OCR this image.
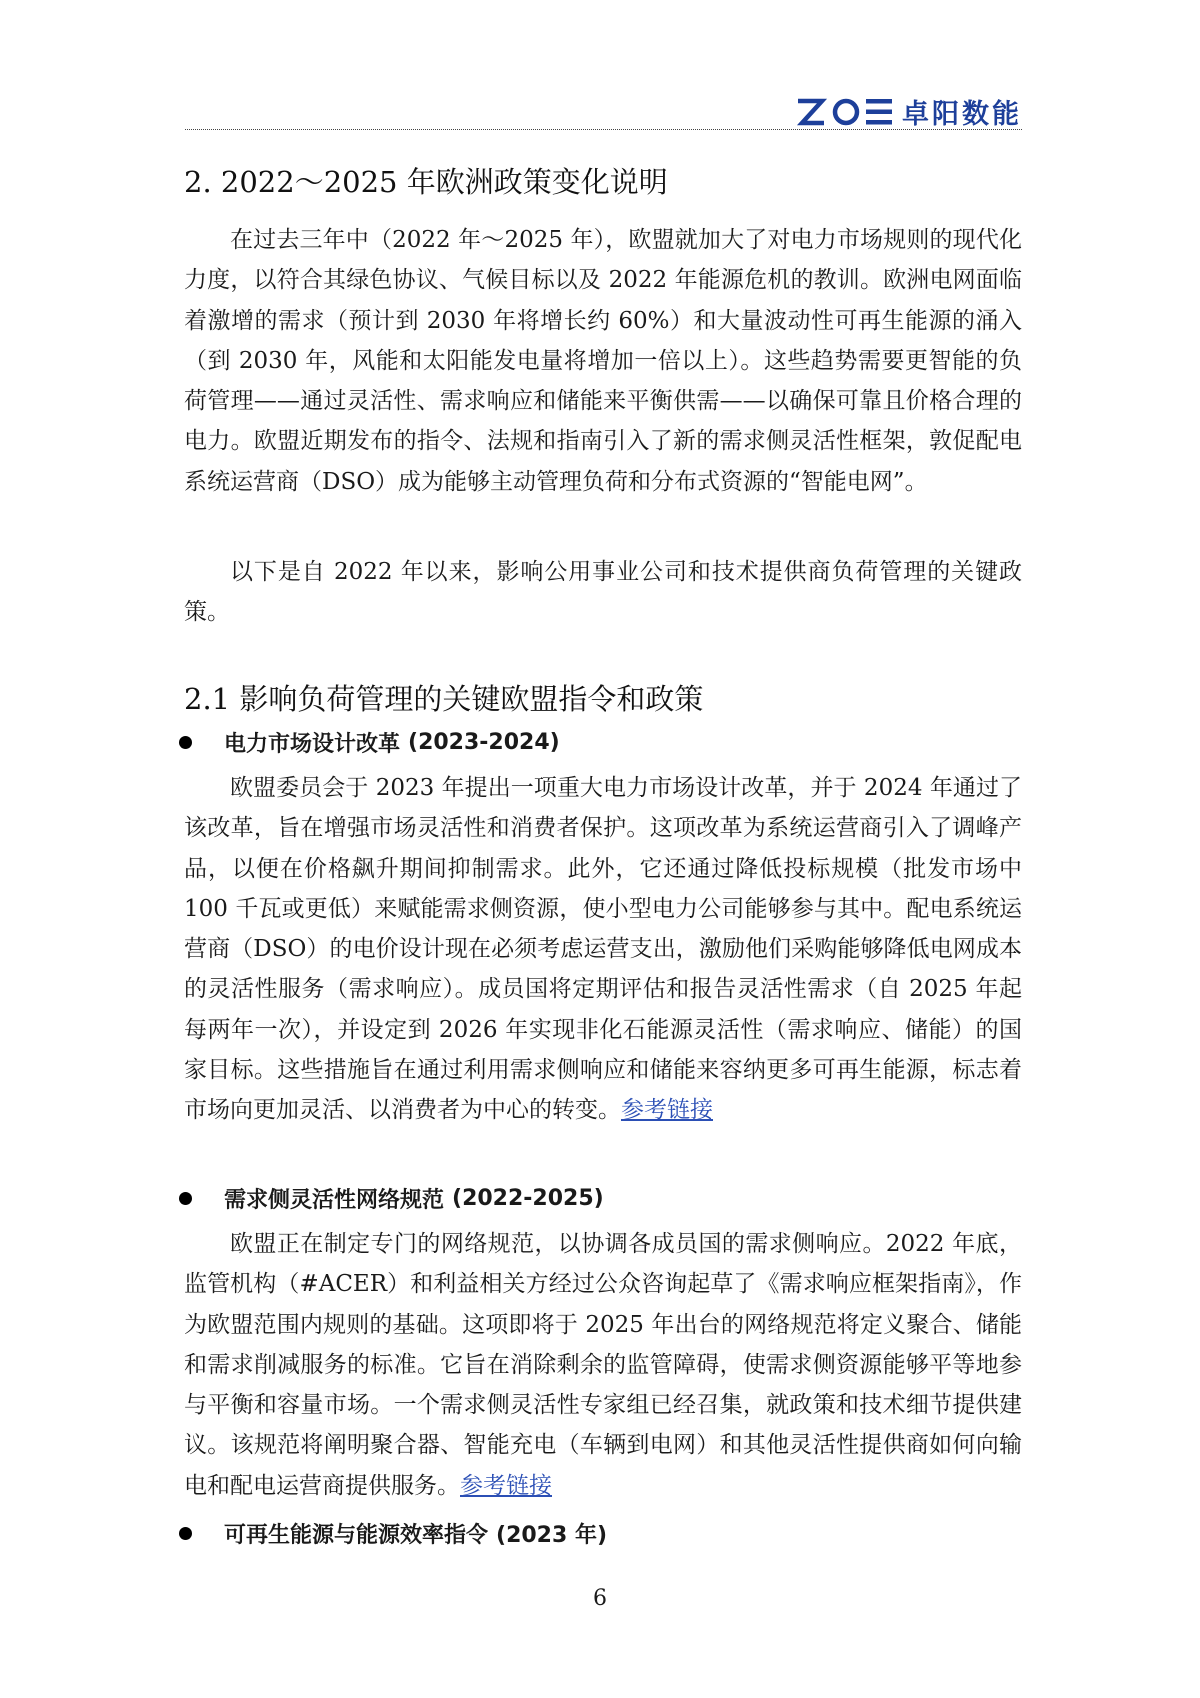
卓阳数能
2. 2022～2025 年欧洲政策变化说明

在过去三年中（2022 年～2025 年），欧盟就加大了对电力市场规则的现代化力度，以符合其绿色协议、气候目标以及 2022 年能源危机的教训。欧洲电网面临着激增的需求（预计到 2030 年将增长约 60%）和大量波动性可再生能源的涌入（到 2030 年，风能和太阳能发电量将增加一倍以上）。这些趋势需要更智能的负荷管理——通过灵活性、需求响应和储能来平衡供需——以确保可靠且价格合理的电力。欧盟近期发布的指令、法规和指南引入了新的需求侧灵活性框架，敦促配电系统运营商（DSO）成为能够主动管理负荷和分布式资源的“智能电网”。

以下是自 2022 年以来，影响公用事业公司和技术提供商负荷管理的关键政策。

2.1 影响负荷管理的关键欧盟指令和政策
电力市场设计改革 (2023-2024)

欧盟委员会于 2023 年提出一项重大电力市场设计改革，并于 2024 年通过了该改革，旨在增强市场灵活性和消费者保护。这项改革为系统运营商引入了调峰产品，以便在价格飙升期间抑制需求。此外，它还通过降低投标规模（批发市场中 100 千瓦或更低）来赋能需求侧资源，使小型电力公司能够参与其中。配电系统运营商（DSO）的电价设计现在必须考虑运营支出，激励他们采购能够降低电网成本的灵活性服务（需求响应）。成员国将定期评估和报告灵活性需求（自 2025 年起每两年一次），并设定到 2026 年实现非化石能源灵活性（需求响应、储能）的国家目标。这些措施旨在通过利用需求侧响应和储能来容纳更多可再生能源，标志着市场向更加灵活、以消费者为中心的转变。参考链接

需求侧灵活性网络规范 (2022-2025)

欧盟正在制定专门的网络规范，以协调各成员国的需求侧响应。2022 年底，监管机构（#ACER）和利益相关方经过公众咨询起草了《需求响应框架指南》，作为欧盟范围内规则的基础。这项即将于 2025 年出台的网络规范将定义聚合、储能和需求削减服务的标准。它旨在消除剩余的监管障碍，使需求侧资源能够平等地参与平衡和容量市场。一个需求侧灵活性专家组已经召集，就政策和技术细节提供建议。该规范将阐明聚合器、智能充电（车辆到电网）和其他灵活性提供商如何向输电和配电运营商提供服务。参考链接

可再生能源与能源效率指令 (2023 年)
6
